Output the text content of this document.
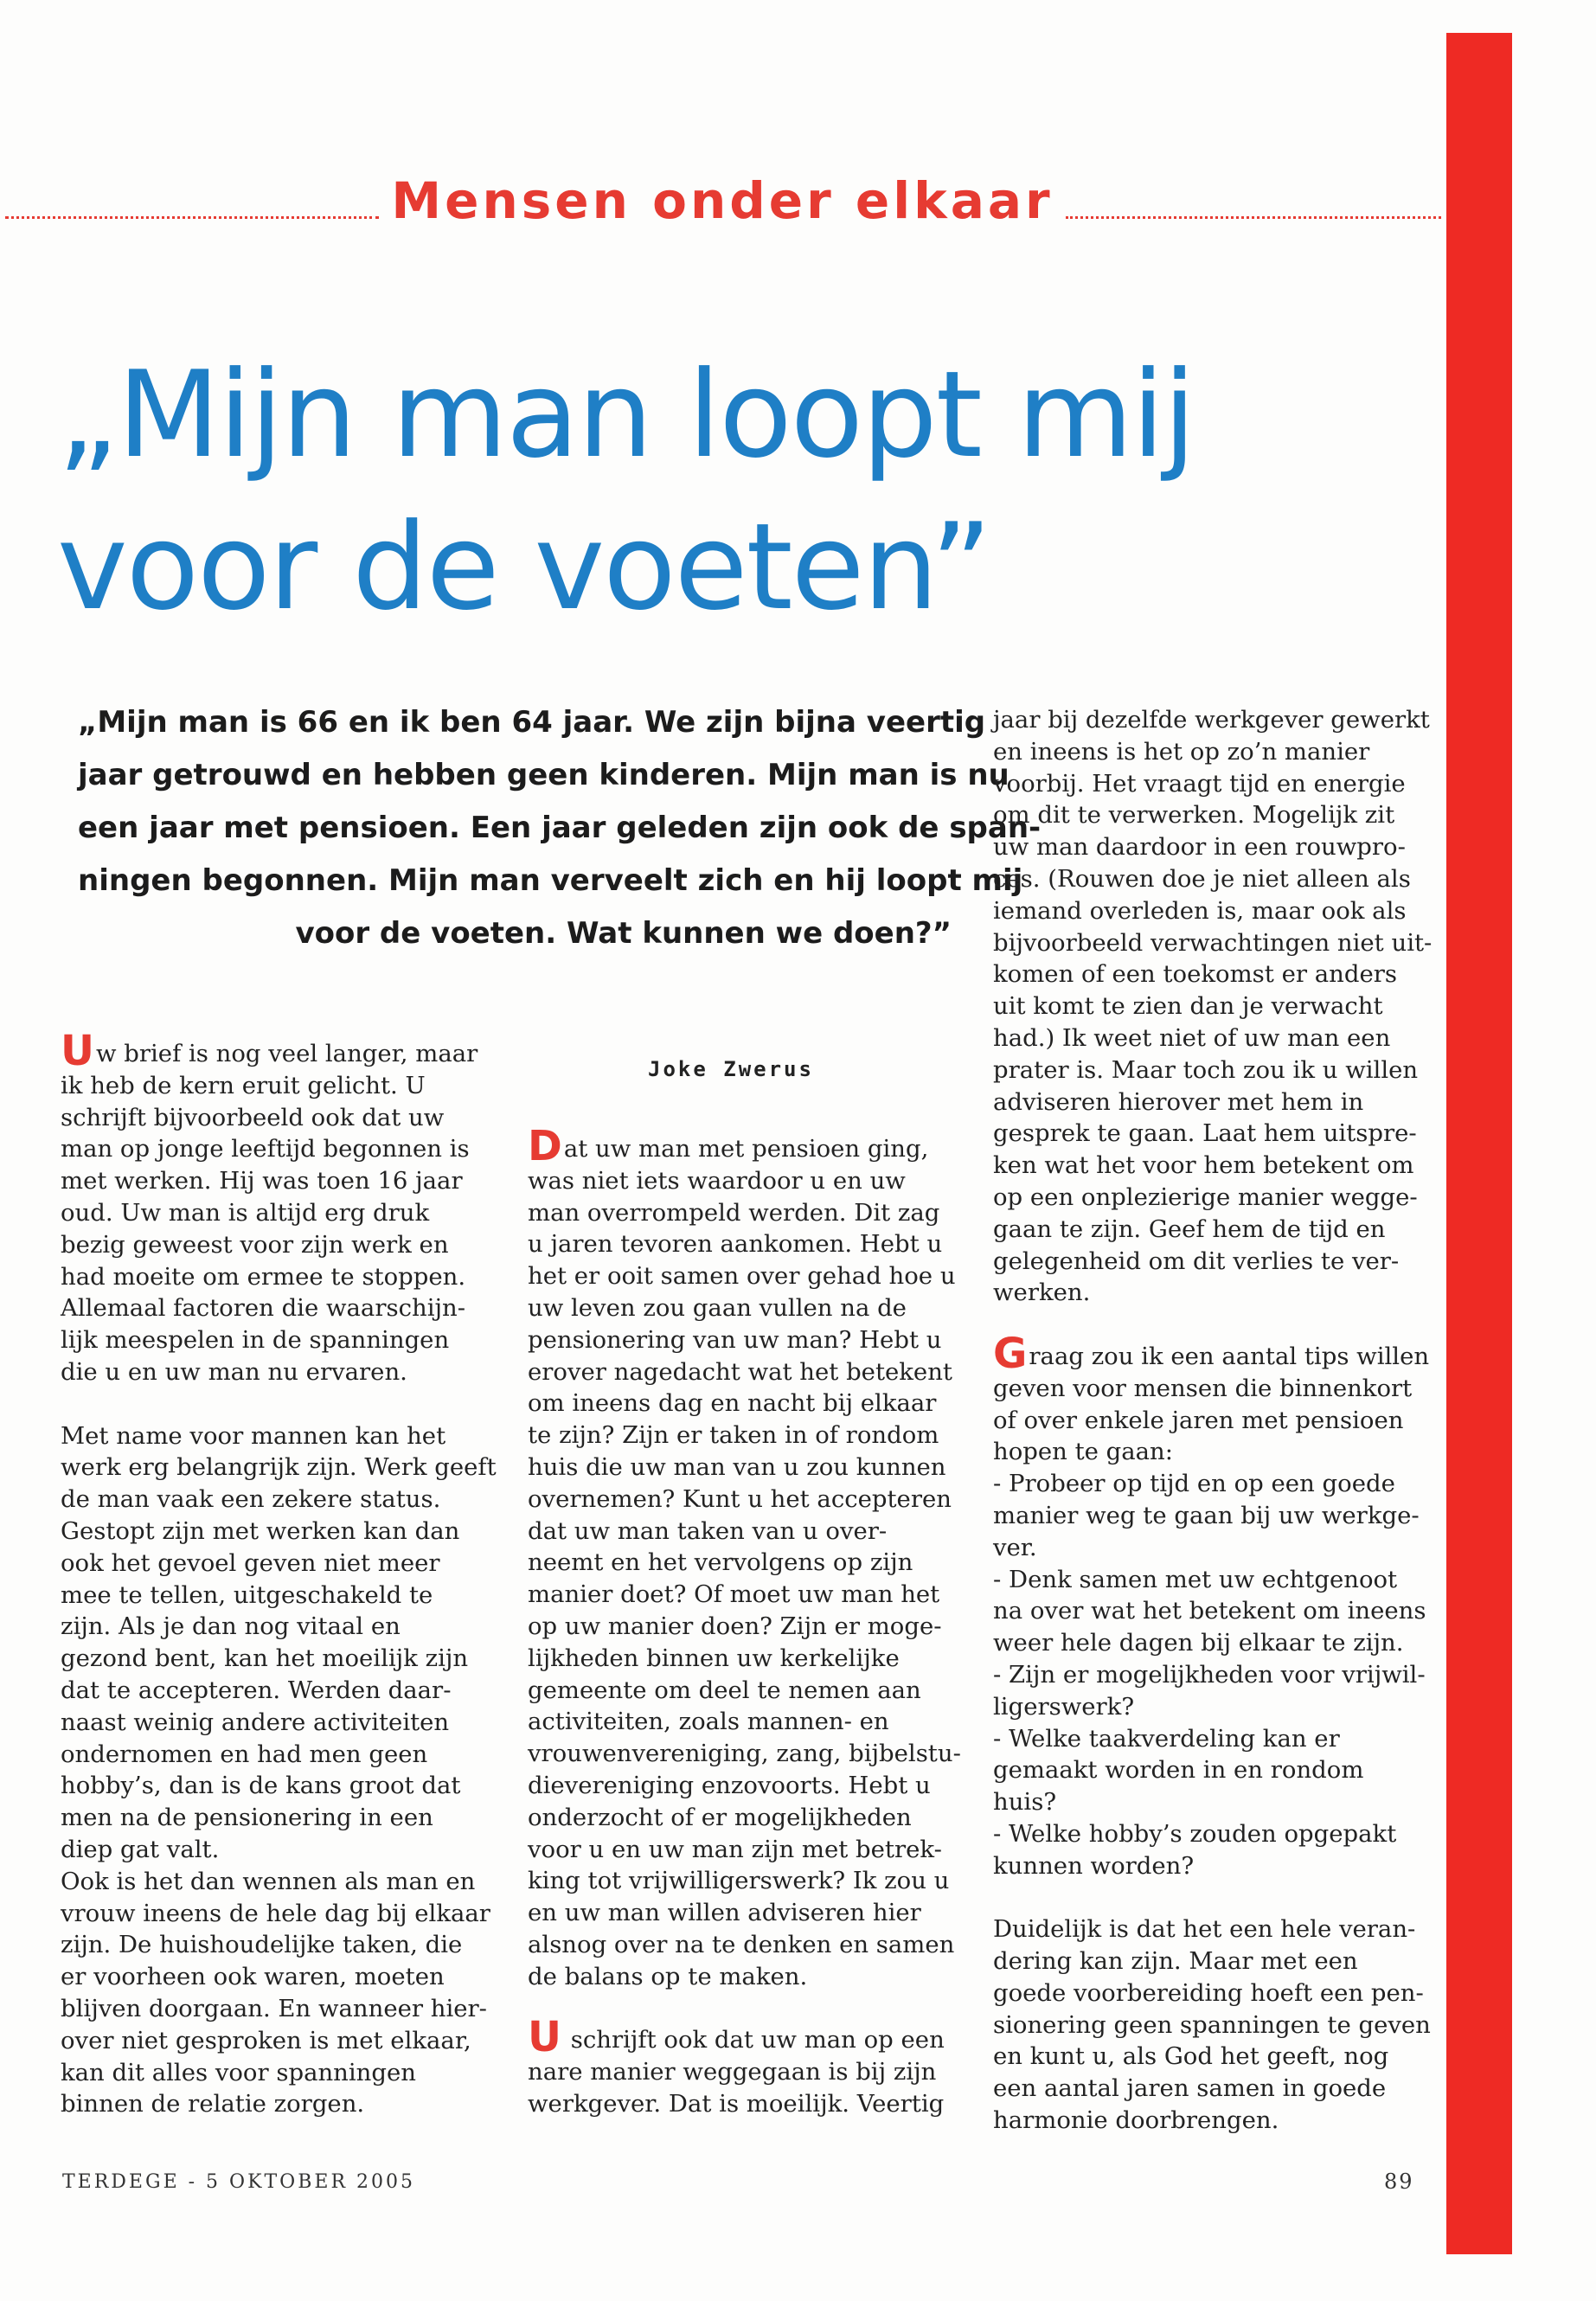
Mensen onder elkaar
„Mijn man loopt mij
voor de voeten”

„Mijn man is 66 en ik ben 64 jaar. We zijn bijna veertig
jaar getrouwd en hebben geen kinderen. Mijn man is nu
een jaar met pensioen. Een jaar geleden zijn ook de span-
ningen begonnen. Mijn man verveelt zich en hij loopt mij
voor de voeten. Wat kunnen we doen?”

Joke Zwerus
Uw brief is nog veel langer, maar
ik heb de kern eruit gelicht. U
schrijft bijvoorbeeld ook dat uw
man op jonge leeftijd begonnen is
met werken. Hij was toen 16 jaar
oud. Uw man is altijd erg druk
bezig geweest voor zijn werk en
had moeite om ermee te stoppen.
Allemaal factoren die waarschijn-
lijk meespelen in de spanningen
die u en uw man nu ervaren.
Met name voor mannen kan het
werk erg belangrijk zijn. Werk geeft
de man vaak een zekere status.
Gestopt zijn met werken kan dan
ook het gevoel geven niet meer
mee te tellen, uitgeschakeld te
zijn. Als je dan nog vitaal en
gezond bent, kan het moeilijk zijn
dat te accepteren. Werden daar-
naast weinig andere activiteiten
ondernomen en had men geen
hobby’s, dan is de kans groot dat
men na de pensionering in een
diep gat valt.
Ook is het dan wennen als man en
vrouw ineens de hele dag bij elkaar
zijn. De huishoudelijke taken, die
er voorheen ook waren, moeten
blijven doorgaan. En wanneer hier-
over niet gesproken is met elkaar,
kan dit alles voor spanningen
binnen de relatie zorgen.
Dat uw man met pensioen ging,
was niet iets waardoor u en uw
man overrompeld werden. Dit zag
u jaren tevoren aankomen. Hebt u
het er ooit samen over gehad hoe u
uw leven zou gaan vullen na de
pensionering van uw man? Hebt u
erover nagedacht wat het betekent
om ineens dag en nacht bij elkaar
te zijn? Zijn er taken in of rondom
huis die uw man van u zou kunnen
overnemen? Kunt u het accepteren
dat uw man taken van u over-
neemt en het vervolgens op zijn
manier doet? Of moet uw man het
op uw manier doen? Zijn er moge-
lijkheden binnen uw kerkelijke
gemeente om deel te nemen aan
activiteiten, zoals mannen- en
vrouwenvereniging, zang, bijbelstu-
dievereniging enzovoorts. Hebt u
onderzocht of er mogelijkheden
voor u en uw man zijn met betrek-
king tot vrijwilligerswerk? Ik zou u
en uw man willen adviseren hier
alsnog over na te denken en samen
de balans op te maken.
U schrijft ook dat uw man op een
nare manier weggegaan is bij zijn
werkgever. Dat is moeilijk. Veertig
jaar bij dezelfde werkgever gewerkt
en ineens is het op zo’n manier
voorbij. Het vraagt tijd en energie
om dit te verwerken. Mogelijk zit
uw man daardoor in een rouwpro-
ces. (Rouwen doe je niet alleen als
iemand overleden is, maar ook als
bijvoorbeeld verwachtingen niet uit-
komen of een toekomst er anders
uit komt te zien dan je verwacht
had.) Ik weet niet of uw man een
prater is. Maar toch zou ik u willen
adviseren hierover met hem in
gesprek te gaan. Laat hem uitspre-
ken wat het voor hem betekent om
op een onplezierige manier wegge-
gaan te zijn. Geef hem de tijd en
gelegenheid om dit verlies te ver-
werken.
Graag zou ik een aantal tips willen
geven voor mensen die binnenkort
of over enkele jaren met pensioen
hopen te gaan:
- Probeer op tijd en op een goede
manier weg te gaan bij uw werkge-
ver.
- Denk samen met uw echtgenoot
na over wat het betekent om ineens
weer hele dagen bij elkaar te zijn.
- Zijn er mogelijkheden voor vrijwil-
ligerswerk?
- Welke taakverdeling kan er
gemaakt worden in en rondom
huis?
- Welke hobby’s zouden opgepakt
kunnen worden?
Duidelijk is dat het een hele veran-
dering kan zijn. Maar met een
goede voorbereiding hoeft een pen-
sionering geen spanningen te geven
en kunt u, als God het geeft, nog
een aantal jaren samen in goede
harmonie doorbrengen.
TERDEGE - 5 OKTOBER 2005	89
